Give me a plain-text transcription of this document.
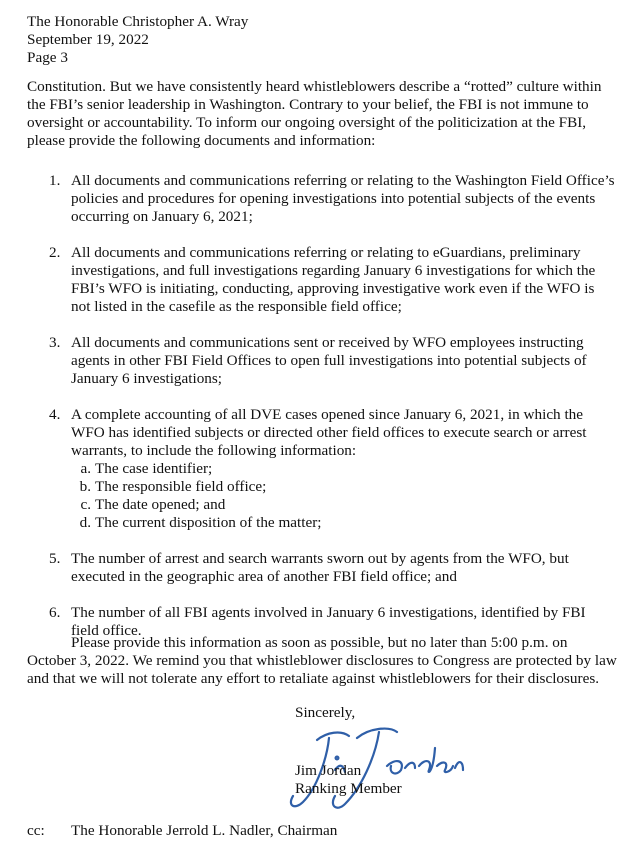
The Honorable Christopher A. Wray
September 19, 2022
Page 3
Constitution. But we have consistently heard whistleblowers describe a “rotted” culture within the FBI’s senior leadership in Washington. Contrary to your belief, the FBI is not immune to oversight or accountability. To inform our ongoing oversight of the politicization at the FBI, please provide the following documents and information:
1. All documents and communications referring or relating to the Washington Field Office’s policies and procedures for opening investigations into potential subjects of the events occurring on January 6, 2021;
2. All documents and communications referring or relating to eGuardians, preliminary investigations, and full investigations regarding January 6 investigations for which the FBI’s WFO is initiating, conducting, approving investigative work even if the WFO is not listed in the casefile as the responsible field office;
3. All documents and communications sent or received by WFO employees instructing agents in other FBI Field Offices to open full investigations into potential subjects of January 6 investigations;
4. A complete accounting of all DVE cases opened since January 6, 2021, in which the WFO has identified subjects or directed other field offices to execute search or arrest warrants, to include the following information:
a. The case identifier;
b. The responsible field office;
c. The date opened; and
d. The current disposition of the matter;
5. The number of arrest and search warrants sworn out by agents from the WFO, but executed in the geographic area of another FBI field office; and
6. The number of all FBI agents involved in January 6 investigations, identified by FBI field office.
Please provide this information as soon as possible, but no later than 5:00 p.m. on October 3, 2022. We remind you that whistleblower disclosures to Congress are protected by law and that we will not tolerate any effort to retaliate against whistleblowers for their disclosures.
Sincerely,
Jim Jordan
Ranking Member
cc: The Honorable Jerrold L. Nadler, Chairman
